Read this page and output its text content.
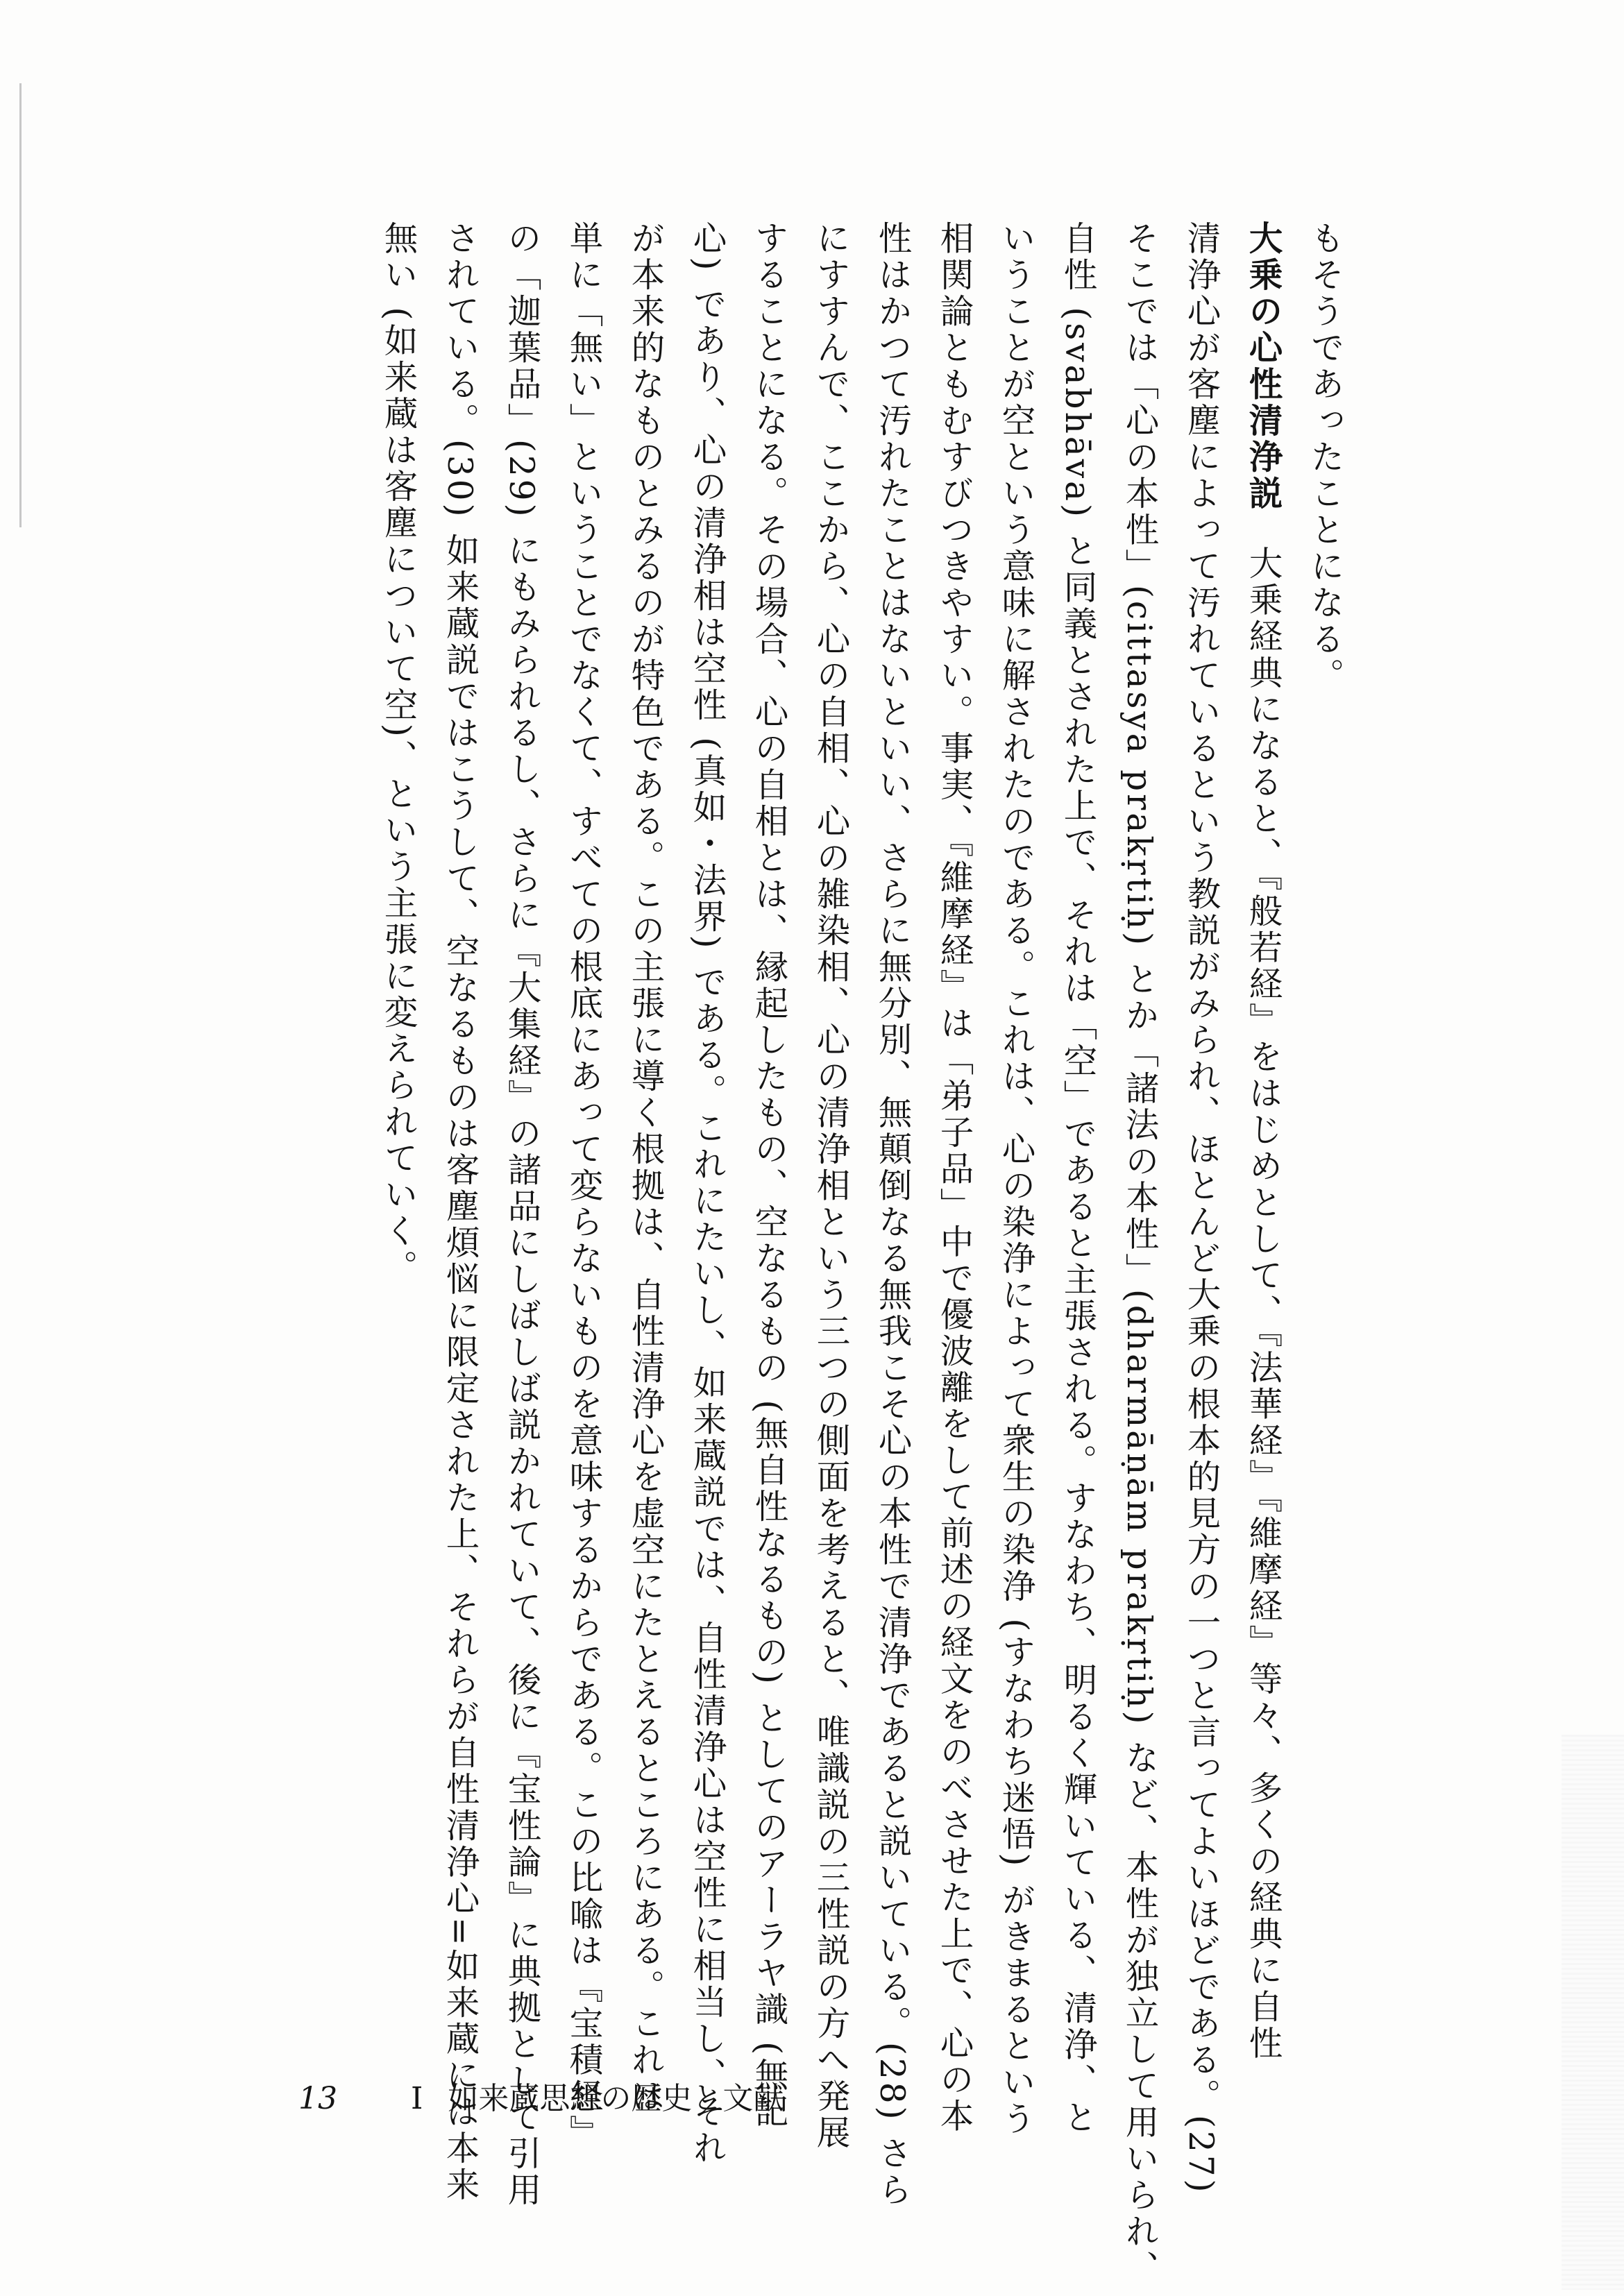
もそうであったことになる。
大乗の心性清浄説大乗経典になると、『般若経』をはじめとして、『法華経』『維摩経』等々、多くの経典に自性
清浄心が客塵によって汚れているという教説がみられ、ほとんど大乗の根本的見方の一つと言ってよいほどである。(27)
そこでは「心の本性」(cittasya prakṛtiḥ) とか「諸法の本性」(dharmāṇām prakṛtiḥ) など、本性が独立して用いられ、
自性 (svabhāva) と同義とされた上で、それは「空」であると主張される。すなわち、明るく輝いている、清浄、と
いうことが空という意味に解されたのである。これは、心の染浄によって衆生の染浄 (すなわち迷悟) がきまるという
相関論ともむすびつきやすい。事実、『維摩経』は「弟子品」中で優波離をして前述の経文をのべさせた上で、心の本
性はかつて汚れたことはないといい、さらに無分別、無顛倒なる無我こそ心の本性で清浄であると説いている。(28) さら
にすすんで、ここから、心の自相、心の雑染相、心の清浄相という三つの側面を考えると、唯識説の三性説の方へ発展
することになる。その場合、心の自相とは、縁起したもの、空なるもの (無自性なるもの) としてのアーラヤ識 (無記
心) であり、心の清浄相は空性 (真如・法界) である。これにたいし、如来蔵説では、自性清浄心は空性に相当し、それ
が本来的なものとみるのが特色である。この主張に導く根拠は、自性清浄心を虚空にたとえるところにある。これは
単に「無い」ということでなくて、すべての根底にあって変らないものを意味するからである。この比喩は『宝積経』
の「迦葉品」(29) にもみられるし、さらに『大集経』の諸品にしばしば説かれていて、後に『宝性論』に典拠として引用
されている。(30) 如来蔵説ではこうして、空なるものは客塵煩悩に限定された上、それらが自性清浄心=如来蔵には本来
無い (如来蔵は客塵について空)、という主張に変えられていく。
13 I 如来蔵思想の歴史と文献
